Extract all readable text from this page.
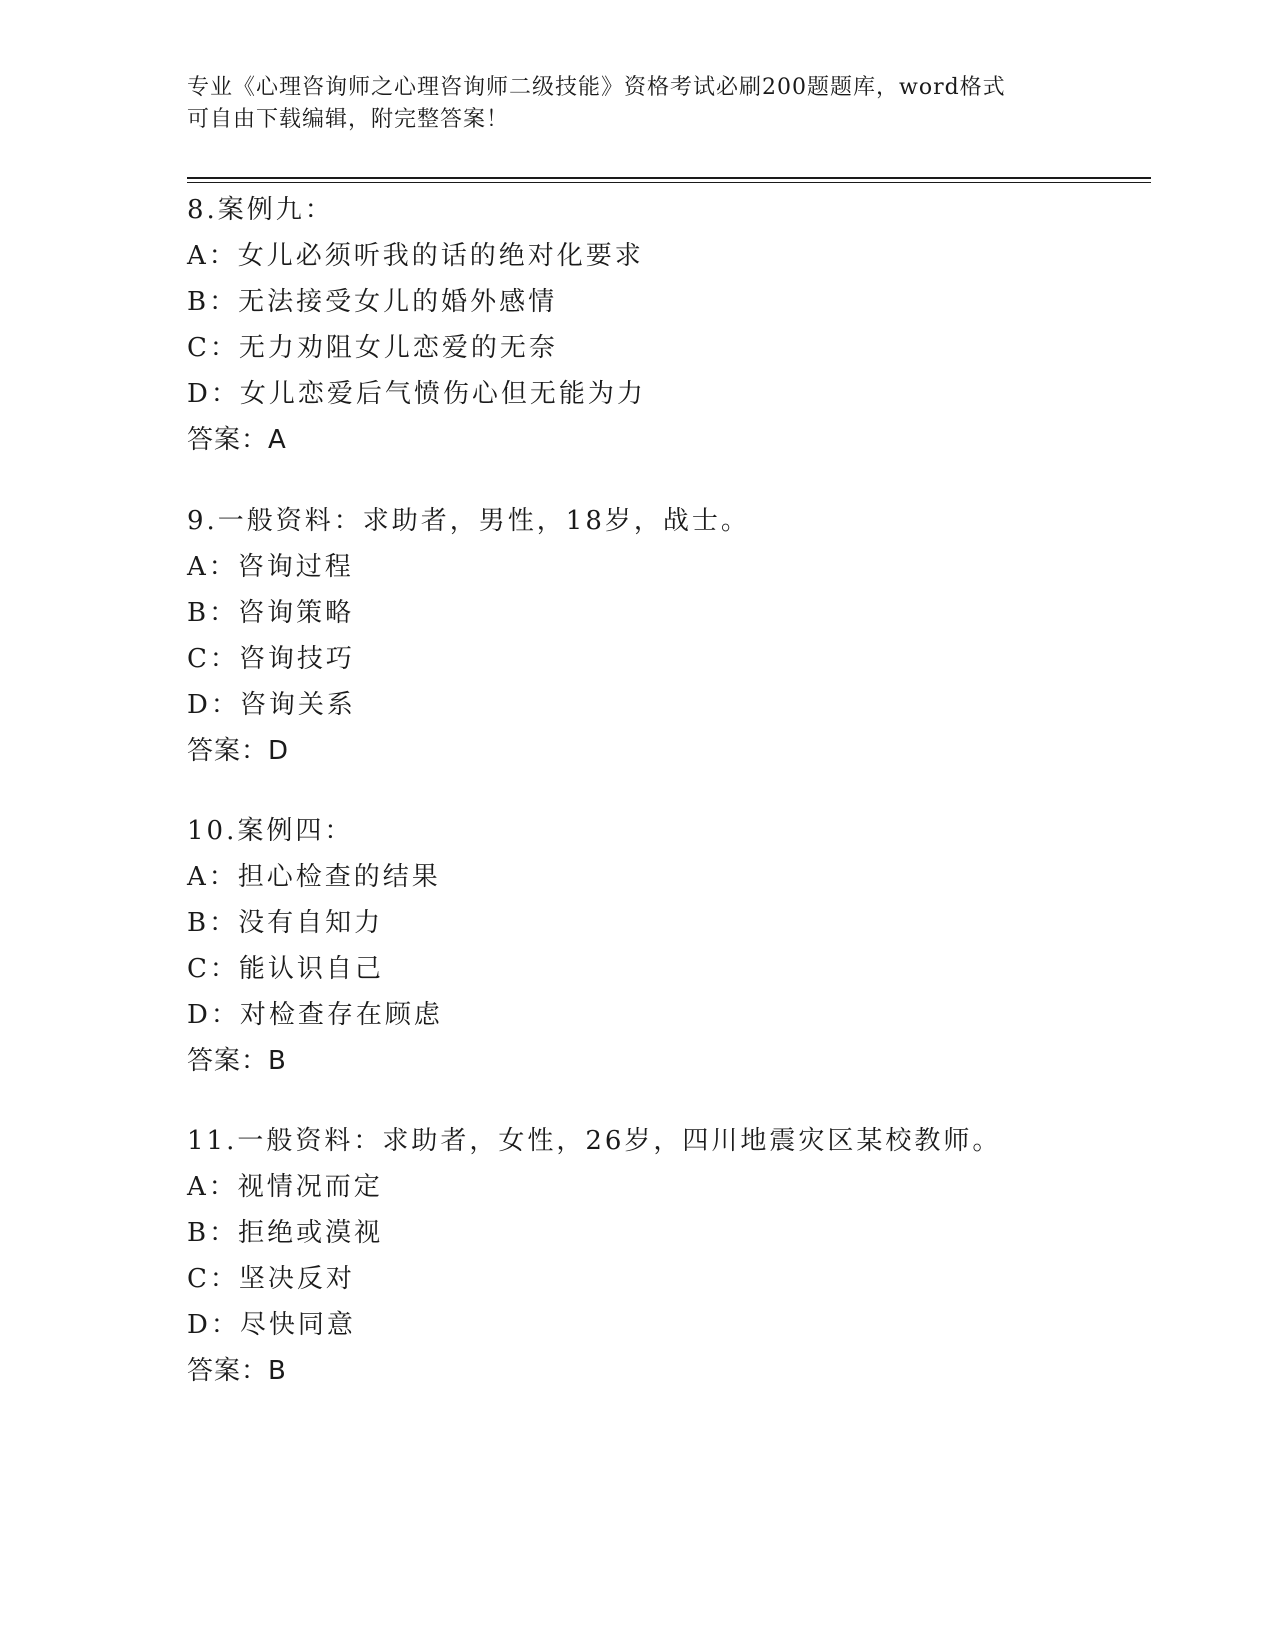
专业《心理咨询师之心理咨询师二级技能》资格考试必刷200题题库，word格式
可自由下载编辑，附完整答案！
8.案例九：
A：女儿必须听我的话的绝对化要求
B：无法接受女儿的婚外感情
C：无力劝阻女儿恋爱的无奈
D：女儿恋爱后气愤伤心但无能为力
答案：A
9.一般资料：求助者，男性，18岁，战士。
A：咨询过程
B：咨询策略
C：咨询技巧
D：咨询关系
答案：D
10.案例四：
A：担心检查的结果
B：没有自知力
C：能认识自己
D：对检查存在顾虑
答案：B
11.一般资料：求助者，女性，26岁，四川地震灾区某校教师。
A：视情况而定
B：拒绝或漠视
C：坚决反对
D：尽快同意
答案：B
